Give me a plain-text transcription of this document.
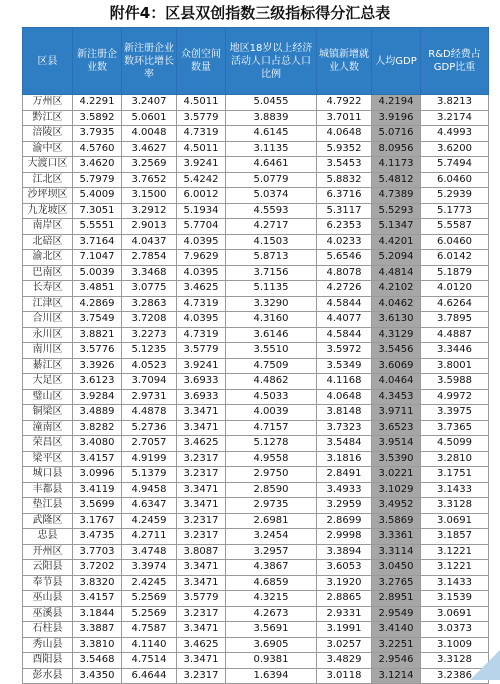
附件4：区县双创指数三级指标得分汇总表
区县	新注册企业数	新注册企业数环比增长率	众创空间数量	地区18岁以上经济活动人口占总人口比例	城镇新增就业人数	人均GDP	R&D经费占GDP比重
万州区	4.2291	3.2407	4.5011	5.0455	4.7922	4.2194	3.8213
黔江区	3.5892	5.0601	3.5779	3.8839	3.7011	3.9196	3.2174
涪陵区	3.7935	4.0048	4.7319	4.6145	4.0648	5.0716	4.4993
渝中区	4.5760	3.4627	4.5011	3.1135	5.9352	8.0956	3.6200
大渡口区	3.4620	3.2569	3.9241	4.6461	3.5453	4.1173	5.7494
江北区	5.7979	3.7652	5.4242	5.0779	5.8832	5.4812	6.0460
沙坪坝区	5.4009	3.1500	6.0012	5.0374	6.3716	4.7389	5.2939
九龙坡区	7.3051	3.2912	5.1934	4.5593	5.3117	5.5293	5.1773
南岸区	5.5551	2.9013	5.7704	4.2717	6.2353	5.1347	5.5587
北碚区	3.7164	4.0437	4.0395	4.1503	4.0233	4.4201	6.0460
渝北区	7.1047	2.7854	7.9629	5.8713	5.6546	5.2094	6.0142
巴南区	5.0039	3.3468	4.0395	3.7156	4.8078	4.4814	5.1879
长寿区	3.4851	3.0775	3.4625	5.1135	4.2726	4.2102	4.0120
江津区	4.2869	3.2863	4.7319	3.3290	4.5844	4.0462	4.6264
合川区	3.7549	3.7208	4.0395	4.3160	4.4077	3.6130	3.7895
永川区	3.8821	3.2273	4.7319	3.6146	4.5844	4.3129	4.4887
南川区	3.5776	5.1235	3.5779	3.5510	3.5972	3.5456	3.3446
綦江区	3.3926	4.0523	3.9241	4.7509	3.5349	3.6069	3.8001
大足区	3.6123	3.7094	3.6933	4.4862	4.1168	4.0464	3.5988
璧山区	3.9284	2.9731	3.6933	4.5033	4.0648	4.3453	4.9972
铜梁区	3.4889	4.4878	3.3471	4.0039	3.8148	3.9711	3.3975
潼南区	3.8282	5.2736	3.3471	4.7157	3.7323	3.6523	3.7365
荣昌区	3.4080	2.7057	3.4625	5.1278	3.5484	3.9514	4.5099
梁平区	3.4157	4.9199	3.2317	4.9558	3.1816	3.5390	3.2810
城口县	3.0996	5.1379	3.2317	2.9750	2.8491	3.0221	3.1751
丰都县	3.4119	4.9458	3.3471	2.8590	3.4933	3.1029	3.1433
垫江县	3.5699	4.6347	3.3471	2.9735	3.2959	3.4952	3.3128
武隆区	3.1767	4.2459	3.2317	2.6981	2.8699	3.5869	3.0691
忠县	3.4735	4.2711	3.2317	3.2454	2.9998	3.3361	3.1857
开州区	3.7703	3.4748	3.8087	3.2957	3.3894	3.3114	3.1221
云阳县	3.7202	3.3974	3.3471	4.3867	3.6053	3.0450	3.1221
奉节县	3.8320	2.4245	3.3471	4.6859	3.1920	3.2765	3.1433
巫山县	3.4157	5.2569	3.5779	4.3215	2.8865	2.8951	3.1539
巫溪县	3.1844	5.2569	3.2317	4.2673	2.9331	2.9549	3.0691
石柱县	3.3887	4.7587	3.3471	3.5691	3.1991	3.4140	3.0373
秀山县	3.3810	4.1140	3.4625	3.6905	3.0257	3.2251	3.1009
酉阳县	3.5468	4.7514	3.3471	0.9381	3.4829	2.9546	3.3128
彭水县	3.4350	6.4644	3.2317	1.6394	3.0118	3.1214	3.2386
